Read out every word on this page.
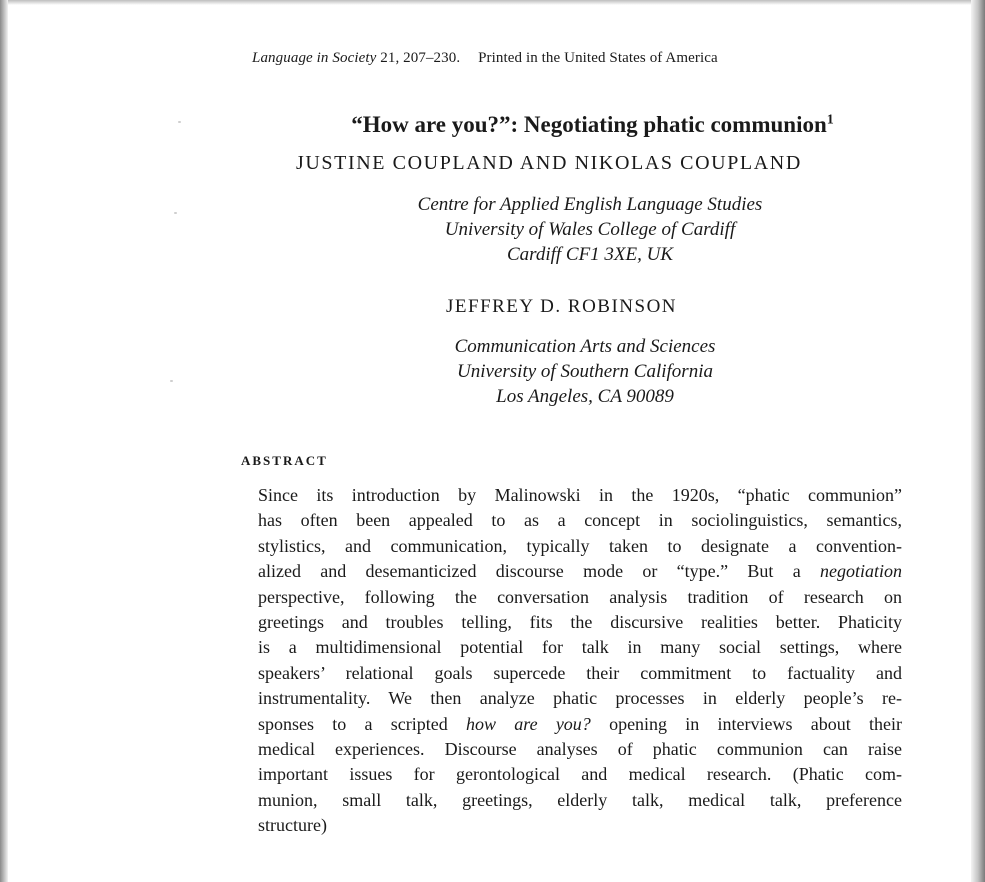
Language in Society 21, 207–230. Printed in the United States of America
“How are you?”: Negotiating phatic communion$^1$
JUSTINE COUPLAND AND NIKOLAS COUPLAND
Centre for Applied English Language Studies
University of Wales College of Cardiff
Cardiff CF1 3XE, UK
JEFFREY D. ROBINSON
Communication Arts and Sciences
University of Southern California
Los Angeles, CA 90089
ABSTRACT
Since its introduction by Malinowski in the 1920s, “phatic communion”
has often been appealed to as a concept in sociolinguistics, semantics,
stylistics, and communication, typically taken to designate a convention-
alized and desemanticized discourse mode or “type.” But a negotiation
perspective, following the conversation analysis tradition of research on
greetings and troubles telling, fits the discursive realities better. Phaticity
is a multidimensional potential for talk in many social settings, where
speakers’ relational goals supercede their commitment to factuality and
instrumentality. We then analyze phatic processes in elderly people’s re-
sponses to a scripted how are you? opening in interviews about their
medical experiences. Discourse analyses of phatic communion can raise
important issues for gerontological and medical research. (Phatic com-
munion, small talk, greetings, elderly talk, medical talk, preference
structure)
